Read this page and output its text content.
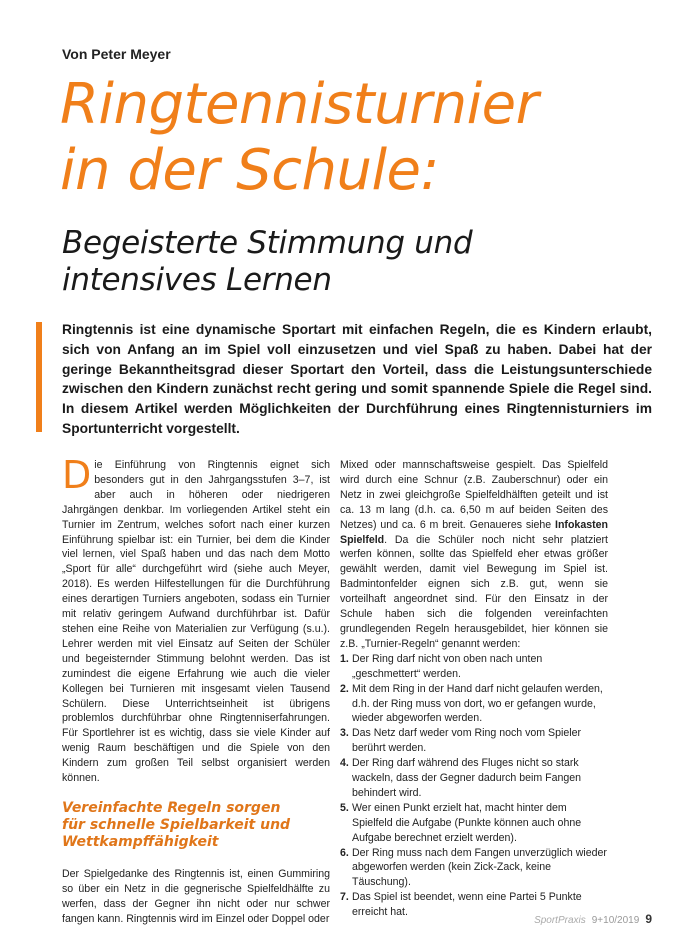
Von Peter Meyer

Ringtennisturnier
in der Schule:
Begeisterte Stimmung und
intensives Lernen

Ringtennis ist eine dynamische Sportart mit einfachen Regeln, die es Kindern erlaubt, sich von Anfang an im Spiel voll einzusetzen und viel Spaß zu haben. Dabei hat der geringe Bekanntheitsgrad dieser Sportart den Vorteil, dass die Leistungsunterschiede zwischen den Kindern zunächst recht gering und somit spannende Spiele die Regel sind. In diesem Artikel werden Möglichkeiten der Durchführung eines Ringtennisturniers im Sportunterricht vorgestellt.

Die Einführung von Ringtennis eignet sich besonders gut in den Jahrgangsstufen 3–7, ist aber auch in höheren oder niedrigeren Jahrgängen denkbar. Im vorliegenden Artikel steht ein Turnier im Zentrum, welches sofort nach einer kurzen Einführung spielbar ist: ein Turnier, bei dem die Kinder viel lernen, viel Spaß haben und das nach dem Motto „Sport für alle“ durchgeführt wird (siehe auch Meyer, 2018). Es werden Hilfestellungen für die Durchführung eines derartigen Turniers angeboten, sodass ein Turnier mit relativ geringem Aufwand durchführbar ist. Dafür stehen eine Reihe von Materialien zur Verfügung (s.u.). Lehrer werden mit viel Einsatz auf Seiten der Schüler und begeisternder Stimmung belohnt werden. Das ist zumindest die eigene Erfahrung wie auch die vieler Kollegen bei Turnieren mit insgesamt vielen Tausend Schülern. Diese Unterrichtseinheit ist übrigens problemlos durchführbar ohne Ringtenniserfahrungen. Für Sportlehrer ist es wichtig, dass sie viele Kinder auf wenig Raum beschäftigen und die Spiele von den Kindern zum großen Teil selbst organisiert werden können.

Vereinfachte Regeln sorgen
für schnelle Spielbarkeit und
Wettkampffähigkeit

Der Spielgedanke des Ringtennis ist, einen Gummiring so über ein Netz in die gegnerische Spielfeldhälfte zu werfen, dass der Gegner ihn nicht oder nur schwer fangen kann. Ringtennis wird im Einzel oder Doppel oder

Mixed oder mannschaftsweise gespielt. Das Spielfeld wird durch eine Schnur (z.B. Zauberschnur) oder ein Netz in zwei gleichgroße Spielfeldhälften geteilt und ist ca. 13 m lang (d.h. ca. 6,50 m auf beiden Seiten des Netzes) und ca. 6 m breit. Genaueres siehe Infokasten Spielfeld. Da die Schüler noch nicht sehr platziert werfen können, sollte das Spielfeld eher etwas größer gewählt werden, damit viel Bewegung im Spiel ist. Badmintonfelder eignen sich z.B. gut, wenn sie vorteilhaft angeordnet sind. Für den Einsatz in der Schule haben sich die folgenden vereinfachten grundlegenden Regeln herausgebildet, hier können sie z.B. „Turnier-Regeln“ genannt werden:

1. Der Ring darf nicht von oben nach unten „geschmettert“ werden.
2. Mit dem Ring in der Hand darf nicht gelaufen werden, d.h. der Ring muss von dort, wo er gefangen wurde, wieder abgeworfen werden.
3. Das Netz darf weder vom Ring noch vom Spieler berührt werden.
4. Der Ring darf während des Fluges nicht so stark wackeln, dass der Gegner dadurch beim Fangen behindert wird.
5. Wer einen Punkt erzielt hat, macht hinter dem Spielfeld die Aufgabe (Punkte können auch ohne Aufgabe berechnet erzielt werden).
6. Der Ring muss nach dem Fangen unverzüglich wieder abgeworfen werden (kein Zick-Zack, keine Täuschung).
7. Das Spiel ist beendet, wenn eine Partei 5 Punkte erreicht hat.
SportPraxis 9+10/2019 9
